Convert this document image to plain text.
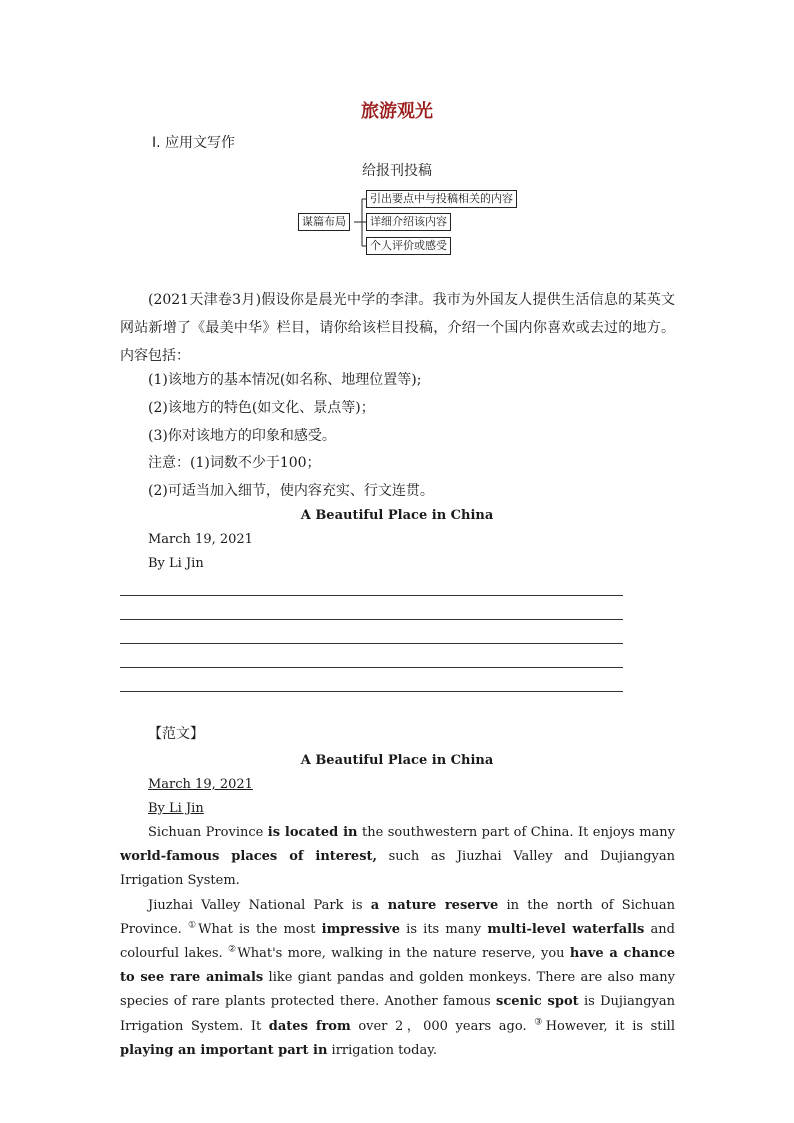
旅游观光
Ⅰ. 应用文写作
给报刊投稿
谋篇布局
引出要点中与投稿相关的内容
详细介绍该内容
个人评价或感受
(2021天津卷3月)假设你是晨光中学的李津。我市为外国友人提供生活信息的某英文网站新增了《最美中华》栏目，请你给该栏目投稿，介绍一个国内你喜欢或去过的地方。内容包括：
(1)该地方的基本情况(如名称、地理位置等);
(2)该地方的特色(如文化、景点等)；
(3)你对该地方的印象和感受。
注意：(1)词数不少于100；
(2)可适当加入细节，使内容充实、行文连贯。
A Beautiful Place in China
March 19, 2021
By Li Jin
【范文】
A Beautiful Place in China
March 19, 2021
By Li Jin

Sichuan Province is located in the southwestern part of China. It enjoys many world-famous places of interest, such as Jiuzhai Valley and Dujiangyan Irrigation System.

Jiuzhai Valley National Park is a nature reserve in the north of Sichuan Province. ①What is the most impressive is its many multi-level waterfalls and colourful lakes. ②What's more, walking in the nature reserve, you have a chance to see rare animals like giant pandas and golden monkeys. There are also many species of rare plants protected there. Another famous scenic spot is Dujiangyan Irrigation System. It dates from over 2，000 years ago. ③However, it is still playing an important part in irrigation today.
